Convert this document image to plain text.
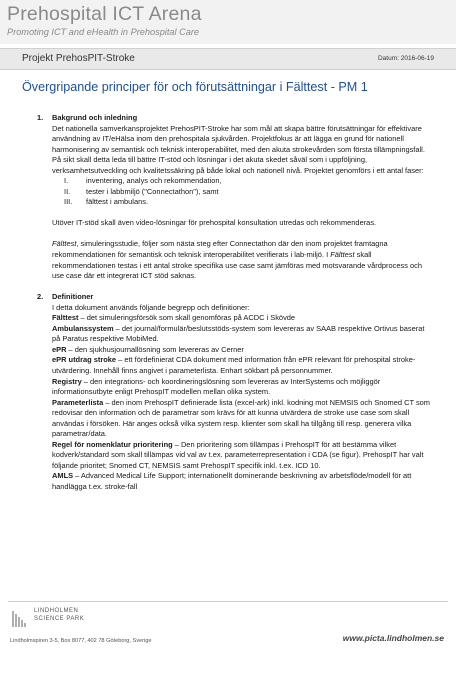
Prehospital ICT Arena
Promoting ICT and eHealth in Prehospital Care
Projekt PrehosPIT-Stroke	Datum: 2016-06-19
Övergripande principer för och förutsättningar i Fälttest - PM 1
1.	Bakgrund och inledning

Det nationella samverkansprojektet PrehosPIT-Stroke har som mål att skapa bättre förutsättningar för effektivare användning av IT/eHälsa inom den prehospitala sjukvården. Projektfokus är att lägga en grund för nationell harmonisering av semantisk och teknisk interoperabilitet, med den akuta strokevården som första tillämpningsfall. På sikt skall detta leda till bättre IT-stöd och lösningar i det akuta skedet såväl som i uppföljning, verksamhetsutveckling och kvalitetssäkring på både lokal och nationell nivå. Projektet genomförs i ett antal faser:

I.	inventering, analys och rekommendation,
II.	tester i labbmiljö ("Connectathon"), samt
III.	fälttest i ambulans.

Utöver IT-stöd skall även video-lösningar för prehospital konsultation utredas och rekommenderas.

Fälttest, simuleringsstudie, följer som nästa steg efter Connectathon där den inom projektet framtagna rekommendationen för semantisk och teknisk interoperabilitet verifierats i lab-miljö. I Fälttest skall rekommendationen testas i ett antal stroke specifika use case samt jämföras med motsvarande vårdprocess och use case där ett integrerat ICT stöd saknas.

2.	Definitioner

I detta dokument används följande begrepp och definitioner:

Fälttest – det simuleringsförsök som skall genomföras på ACDC i Skövde

Ambulanssystem – det journal/formulär/beslutsstöds-system som levereras av SAAB respektive Ortivus baserat på Paratus respektive MobiMed.

ePR – den sjukhusjournallösning som levereras av Cerner

ePR utdrag stroke – ett fördefinierat CDA dokument med information från ePR relevant för prehospital stroke-utvärdering. Innehåll finns angivet i parameterlista. Enhart sökbart på personnummer.

Registry – den integrations- och koordineringslösning som levereras av InterSystems och möjliggör informationsutbyte enligt PrehospIT modellen mellan olika system.

Parameterlista – den inom PrehospIT definierade lista (excel-ark) inkl. kodning mot NEMSIS och Snomed CT som redovisar den information och de parametrar som krävs för att kunna utvärdera de stroke use case som skall användas i försöken. Här anges också vilka system resp. klienter som skall ha tillgång till resp. generera vilka parametrar/data.

Regel för nomenklatur prioritering – Den prioritering som tillämpas i PrehospIT för att bestämma vilket kodverk/standard som skall tillämpas vid val av t.ex. parameterrepresentation i CDA (se figur). PrehospIT har valt följande prioritet; Snomed CT, NEMSIS samt PrehospIT specifik inkl. t.ex. ICD 10.

AMLS – Advanced Medical Life Support; internationellt dominerande beskrivning av arbetsflöde/modell för att handlägga t.ex. stroke-fall

LINDHOLMEN
SCIENCE PARK
Lindholmspiren 3-5, Box 8077, 402 78 Göteborg, Sverige	www.picta.lindholmen.se
